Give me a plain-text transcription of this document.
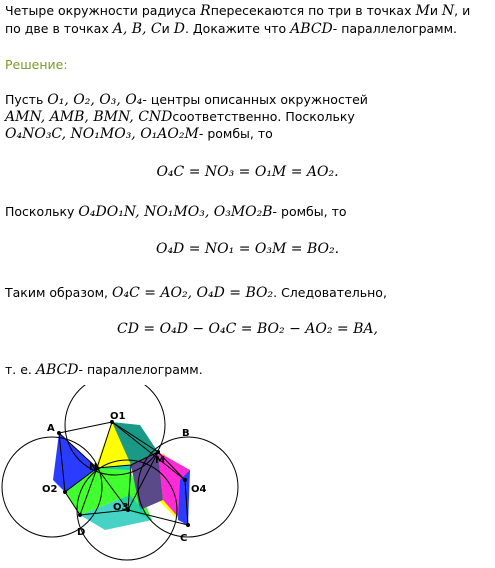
Четыре окружности радиуса Rпересекаются по три в точках Mи N, и
по две в точках A, B, Cи D. Докажите что ABCD- параллелограмм.
Решение:
Пусть O₁, O₂, O₃, O₄- центры описанных окружностей
AMN, AMB, BMN, CNDсоответственно. Поскольку
O₄NO₃C, NO₁MO₃, O₁AO₂M- ромбы, то
O₄C = NO₃ = O₁M = AO₂.
Поскольку O₄DO₁N, NO₁MO₃, O₃MO₂B- ромбы, то
O₄D = NO₁ = O₃M = BO₂.
Таким образом, O₄C = AO₂, O₄D = BO₂. Следовательно,
CD = O₄D − O₄C = BO₂ − AO₂ = BA,
т. е. ABCD- параллелограмм.
A
O1
B
M
N
O2	O4
O3
D
C
